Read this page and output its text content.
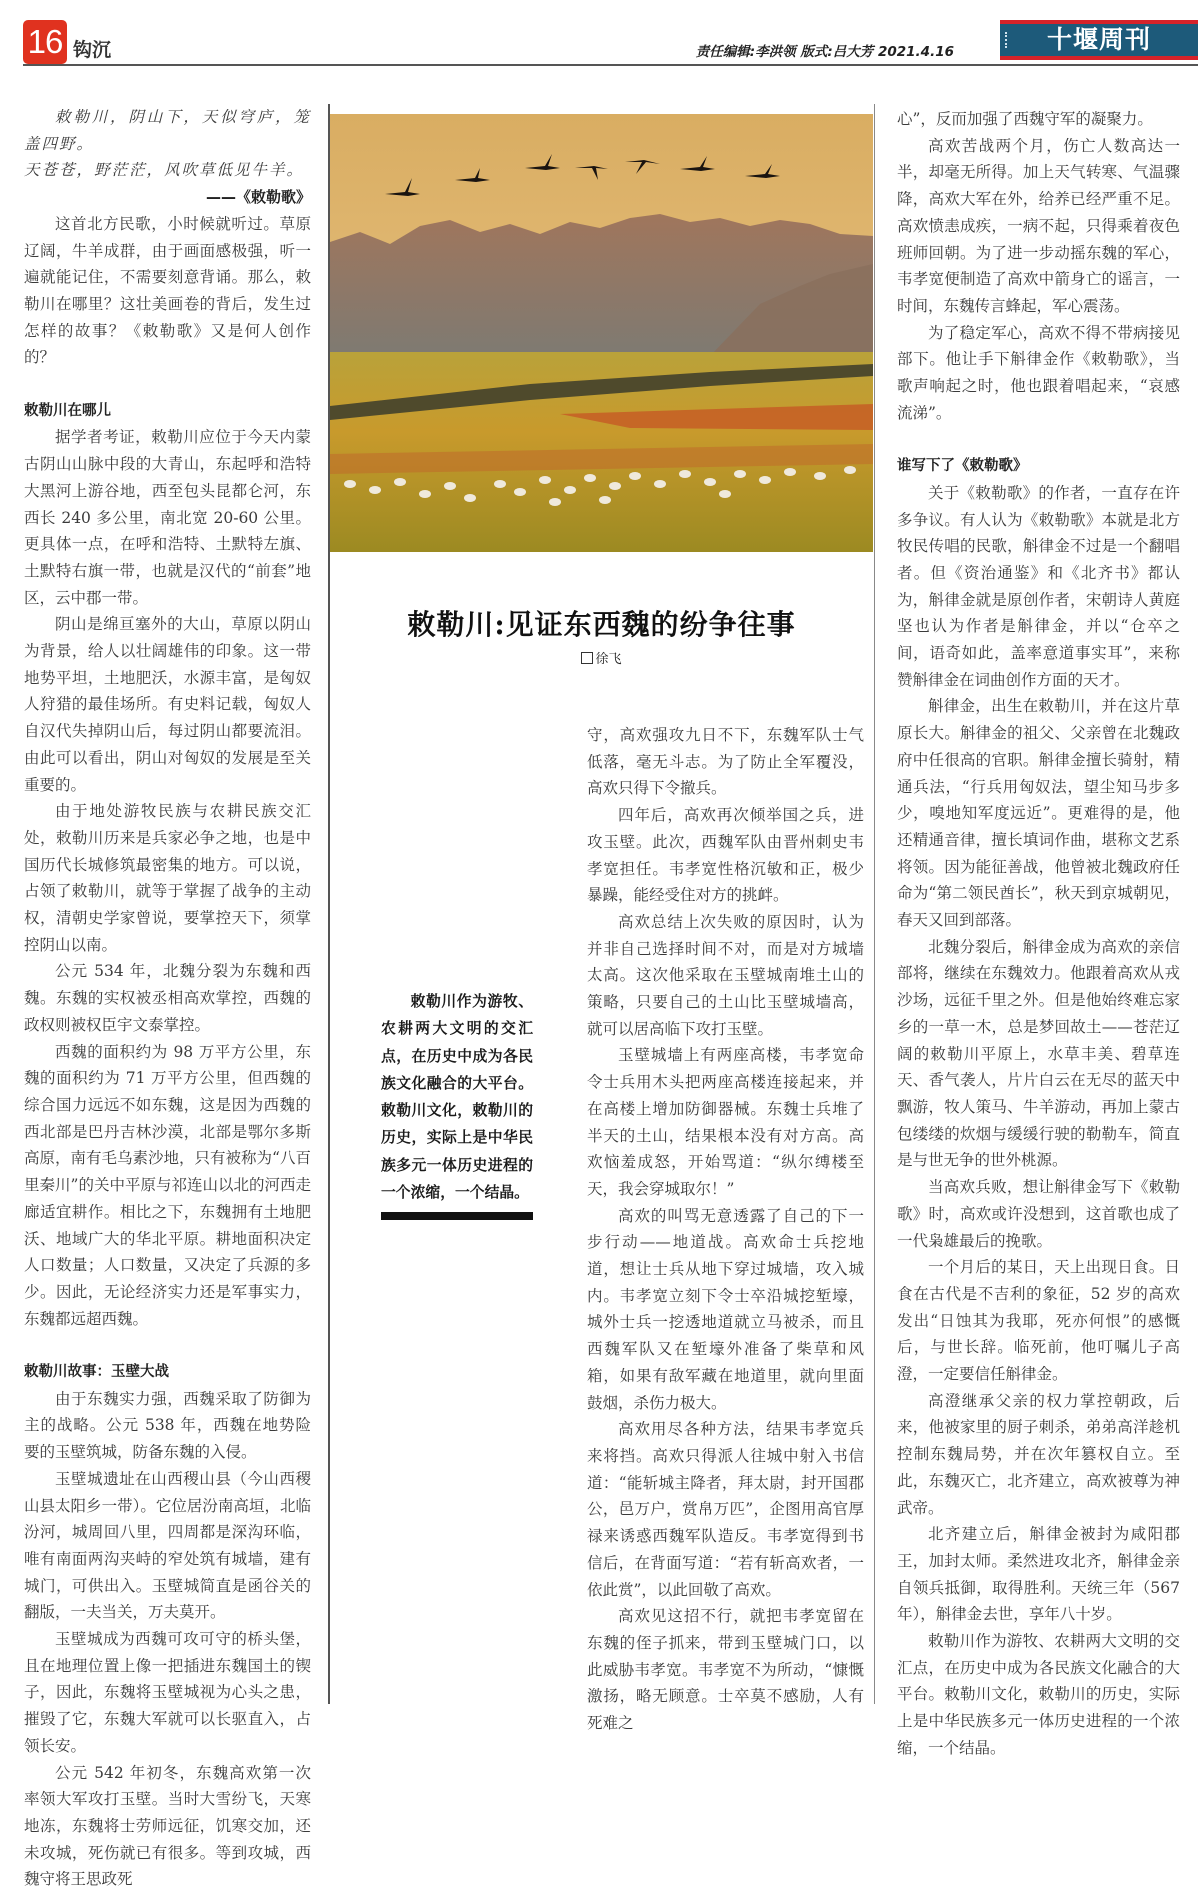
16 钩沉	责任编辑:李洪领 版式:吕大芳 2021.4.16	十堰周刊

敕勒川，阴山下，天似穹庐，笼盖四野。

天苍苍，野茫茫，风吹草低见牛羊。

——《敕勒歌》

这首北方民歌，小时候就听过。草原辽阔，牛羊成群，由于画面感极强，听一遍就能记住，不需要刻意背诵。那么，敕勒川在哪里？这壮美画卷的背后，发生过怎样的故事？《敕勒歌》又是何人创作的？

敕勒川在哪儿

据学者考证，敕勒川应位于今天内蒙古阴山山脉中段的大青山，东起呼和浩特大黑河上游谷地，西至包头昆都仑河，东西长 240 多公里，南北宽 20-60 公里。更具体一点，在呼和浩特、土默特左旗、土默特右旗一带，也就是汉代的“前套”地区，云中郡一带。

阴山是绵亘塞外的大山，草原以阴山为背景，给人以壮阔雄伟的印象。这一带地势平坦，土地肥沃，水源丰富，是匈奴人狩猎的最佳场所。有史料记载，匈奴人自汉代失掉阴山后，每过阴山都要流泪。由此可以看出，阴山对匈奴的发展是至关重要的。

由于地处游牧民族与农耕民族交汇处，敕勒川历来是兵家必争之地，也是中国历代长城修筑最密集的地方。可以说，占领了敕勒川，就等于掌握了战争的主动权，清朝史学家曾说，要掌控天下，须掌控阴山以南。

公元 534 年，北魏分裂为东魏和西魏。东魏的实权被丞相高欢掌控，西魏的政权则被权臣宇文泰掌控。

西魏的面积约为 98 万平方公里，东魏的面积约为 71 万平方公里，但西魏的综合国力远远不如东魏，这是因为西魏的西北部是巴丹吉林沙漠，北部是鄂尔多斯高原，南有毛乌素沙地，只有被称为“八百里秦川”的关中平原与祁连山以北的河西走廊适宜耕作。相比之下，东魏拥有土地肥沃、地域广大的华北平原。耕地面积决定人口数量；人口数量，又决定了兵源的多少。因此，无论经济实力还是军事实力，东魏都远超西魏。

敕勒川故事：玉壁大战

由于东魏实力强，西魏采取了防御为主的战略。公元 538 年，西魏在地势险要的玉壁筑城，防备东魏的入侵。

玉壁城遗址在山西稷山县（今山西稷山县太阳乡一带）。它位居汾南高垣，北临汾河，城周回八里，四周都是深沟环临，唯有南面两沟夹峙的窄处筑有城墙，建有城门，可供出入。玉壁城简直是函谷关的翻版，一夫当关，万夫莫开。

玉壁城成为西魏可攻可守的桥头堡，且在地理位置上像一把插进东魏国土的锲子，因此，东魏将玉壁城视为心头之患，摧毁了它，东魏大军就可以长驱直入，占领长安。

公元 542 年初冬，东魏高欢第一次率领大军攻打玉壁。当时大雪纷飞，天寒地冻，东魏将士劳师远征，饥寒交加，还未攻城，死伤就已有很多。等到攻城，西魏守将王思政死

敕勒川:见证东西魏的纷争往事
徐飞

敕勒川作为游牧、农耕两大文明的交汇点，在历史中成为各民族文化融合的大平台。敕勒川文化，敕勒川的历史，实际上是中华民族多元一体历史进程的一个浓缩，一个结晶。

守，高欢强攻九日不下，东魏军队士气低落，毫无斗志。为了防止全军覆没，高欢只得下令撤兵。

四年后，高欢再次倾举国之兵，进攻玉壁。此次，西魏军队由晋州刺史韦孝宽担任。韦孝宽性格沉敏和正，极少暴躁，能经受住对方的挑衅。

高欢总结上次失败的原因时，认为并非自己选择时间不对，而是对方城墙太高。这次他采取在玉壁城南堆土山的策略，只要自己的土山比玉壁城墙高，就可以居高临下攻打玉壁。

玉壁城墙上有两座高楼，韦孝宽命令士兵用木头把两座高楼连接起来，并在高楼上增加防御器械。东魏士兵堆了半天的土山，结果根本没有对方高。高欢恼羞成怒，开始骂道：“纵尔缚楼至天，我会穿城取尔！”

高欢的叫骂无意透露了自己的下一步行动——地道战。高欢命士兵挖地道，想让士兵从地下穿过城墙，攻入城内。韦孝宽立刻下令士卒沿城挖堑壕，城外士兵一挖透地道就立马被杀，而且西魏军队又在堑壕外准备了柴草和风箱，如果有敌军藏在地道里，就向里面鼓烟，杀伤力极大。

高欢用尽各种方法，结果韦孝宽兵来将挡。高欢只得派人往城中射入书信道：“能斩城主降者，拜太尉，封开国郡公，邑万户，赏帛万匹”，企图用高官厚禄来诱惑西魏军队造反。韦孝宽得到书信后，在背面写道：“若有斩高欢者，一依此赏”，以此回敬了高欢。

高欢见这招不行，就把韦孝宽留在东魏的侄子抓来，带到玉壁城门口，以此威胁韦孝宽。韦孝宽不为所动，“慷慨激扬，略无顾意。士卒莫不感励，人有死难之

心”，反而加强了西魏守军的凝聚力。

高欢苦战两个月，伤亡人数高达一半，却毫无所得。加上天气转寒、气温骤降，高欢大军在外，给养已经严重不足。高欢愤恚成疾，一病不起，只得乘着夜色班师回朝。为了进一步动摇东魏的军心，韦孝宽便制造了高欢中箭身亡的谣言，一时间，东魏传言蜂起，军心震荡。

为了稳定军心，高欢不得不带病接见部下。他让手下斛律金作《敕勒歌》，当歌声响起之时，他也跟着唱起来，“哀感流涕”。

谁写下了《敕勒歌》

关于《敕勒歌》的作者，一直存在许多争议。有人认为《敕勒歌》本就是北方牧民传唱的民歌，斛律金不过是一个翻唱者。但《资治通鉴》和《北齐书》都认为，斛律金就是原创作者，宋朝诗人黄庭坚也认为作者是斛律金，并以“仓卒之间，语奇如此，盖率意道事实耳”，来称赞斛律金在词曲创作方面的天才。

斛律金，出生在敕勒川，并在这片草原长大。斛律金的祖父、父亲曾在北魏政府中任很高的官职。斛律金擅长骑射，精通兵法，“行兵用匈奴法，望尘知马步多少，嗅地知军度远近”。更难得的是，他还精通音律，擅长填词作曲，堪称文艺系将领。因为能征善战，他曾被北魏政府任命为“第二领民酋长”，秋天到京城朝见，春天又回到部落。

北魏分裂后，斛律金成为高欢的亲信部将，继续在东魏效力。他跟着高欢从戎沙场，远征千里之外。但是他始终难忘家乡的一草一木，总是梦回故土——苍茫辽阔的敕勒川平原上，水草丰美、碧草连天、香气袭人，片片白云在无尽的蓝天中飘游，牧人策马、牛羊游动，再加上蒙古包缕缕的炊烟与缓缓行驶的勒勒车，简直是与世无争的世外桃源。

当高欢兵败，想让斛律金写下《敕勒歌》时，高欢或许没想到，这首歌也成了一代枭雄最后的挽歌。

一个月后的某日，天上出现日食。日食在古代是不吉利的象征，52 岁的高欢发出“日蚀其为我耶，死亦何恨”的感慨后，与世长辞。临死前，他叮嘱儿子高澄，一定要信任斛律金。

高澄继承父亲的权力掌控朝政，后来，他被家里的厨子刺杀，弟弟高洋趁机控制东魏局势，并在次年篡权自立。至此，东魏灭亡，北齐建立，高欢被尊为神武帝。

北齐建立后，斛律金被封为咸阳郡王，加封太师。柔然进攻北齐，斛律金亲自领兵抵御，取得胜利。天统三年（567 年），斛律金去世，享年八十岁。

敕勒川作为游牧、农耕两大文明的交汇点，在历史中成为各民族文化融合的大平台。敕勒川文化，敕勒川的历史，实际上是中华民族多元一体历史进程的一个浓缩，一个结晶。
